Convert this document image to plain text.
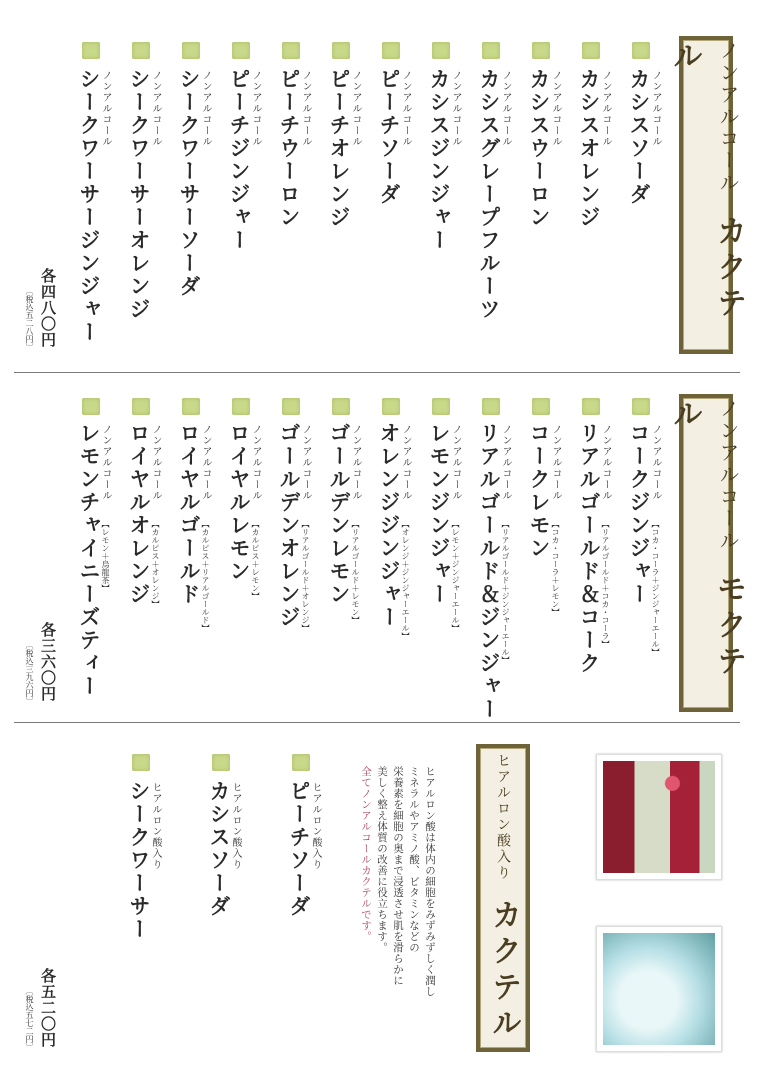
ノンアルコール カクテル
ノンアルコール
カシスソーダ
ノンアルコール
カシスオレンジ
ノンアルコール
カシスウーロン
ノンアルコール
カシスグレープフルーツ
ノンアルコール
カシスジンジャー
ノンアルコール
ピーチソーダ
ノンアルコール
ピーチオレンジ
ノンアルコール
ピーチウーロン
ノンアルコール
ピーチジンジャー
ノンアルコール
シークワーサーソーダ
ノンアルコール
シークワーサーオレンジ
ノンアルコール
シークワーサージンジャー
各四八〇円
〔税込五二八円〕
ノンアルコール モクテル
ノンアルコール
コークジンジャー 【コカ・コーラ＋ジンジャーエール】
ノンアルコール
リアルゴールド＆コーク 【リアルゴールド＋コカ・コーラ】
ノンアルコール
コークレモン
【コカ・コーラ＋レモン】
ノンアルコール
リアルゴールド＆ジンジャー 【リアルゴールド＋ジンジャーエール】
ノンアルコール
レモンジンジャー 【レモン＋ジンジャーエール】
ノンアルコール
オレンジジンジャー 【オレンジ＋ジンジャーエール】
ノンアルコール
ゴールデンレモン 【リアルゴールド＋レモン】
ノンアルコール
ゴールデンオレンジ 【リアルゴールド＋オレンジ】
ノンアルコール
ロイヤルレモン 【カルピス＋レモン】
ノンアルコール
ロイヤルゴールド 【カルピス＋リアルゴールド】
ノンアルコール
ロイヤルオレンジ 【カルピス＋オレンジ】
ノンアルコール
レモンチャイニーズティー 【レモン＋烏龍茶】
各三六〇円
〔税込三九六円〕
ヒアルロン酸入り カクテル
ヒアルロン酸は体内の細胞をみずみずしく潤し
ミネラルやアミノ酸、ビタミンなどの
栄養素を細胞の奥まで浸透させ肌を滑らかに
美しく整え体質の改善に役立ちます。
全てノンアルコールカクテルです。
ヒアルロン酸入り
ピーチソーダ
ヒアルロン酸入り
カシスソーダ
ヒアルロン酸入り
シークワーサー
各五二〇円
〔税込五七二円〕
